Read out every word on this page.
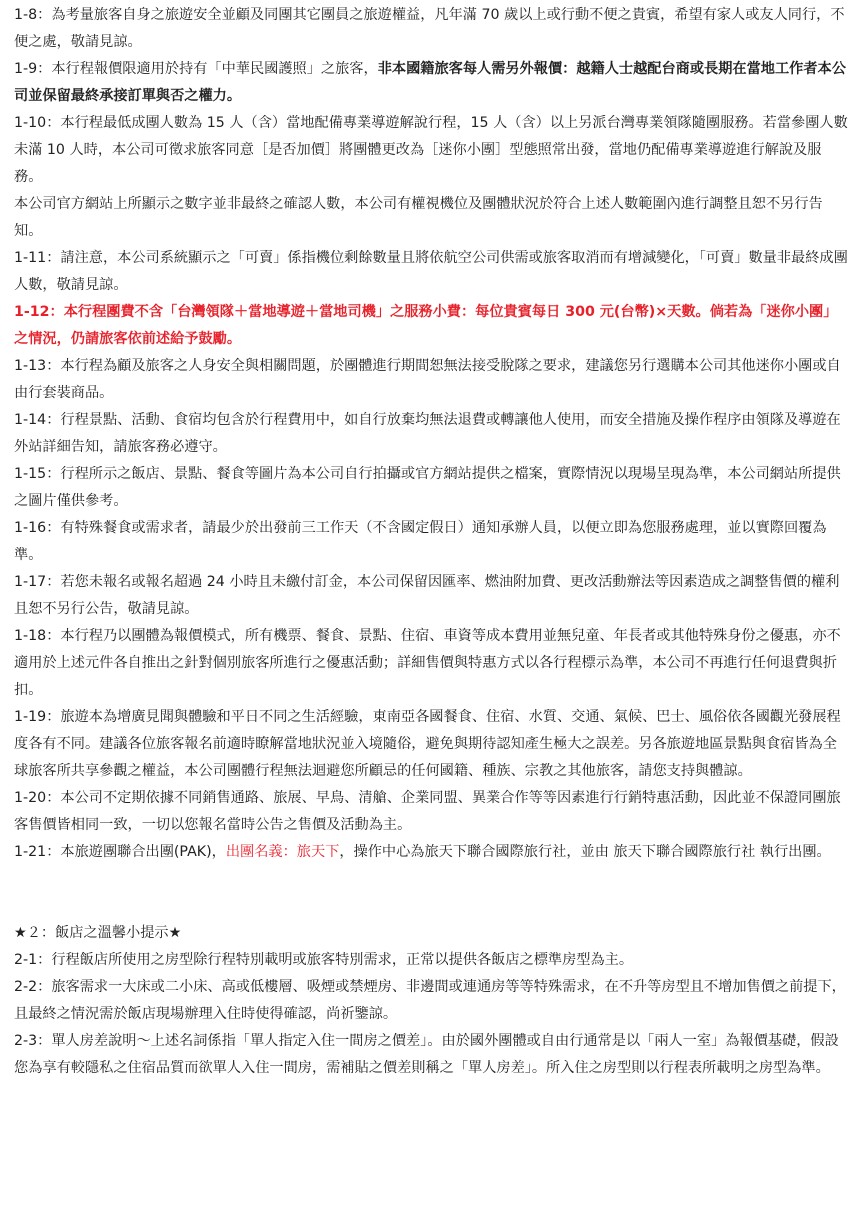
1-8：為考量旅客自身之旅遊安全並顧及同團其它團員之旅遊權益，凡年滿 70 歲以上或行動不便之貴賓，希望有家人或友人同行，不便之處，敬請見諒。

1-9：本行程報價限適用於持有「中華民國護照」之旅客，非本國籍旅客每人需另外報價：越籍人士越配台商或長期在當地工作者本公司並保留最終承接訂單與否之權力。

1-10：本行程最低成團人數為 15 人（含）當地配備專業導遊解說行程，15 人（含）以上另派台灣專業領隊隨團服務。若當參團人數未滿 10 人時，本公司可徵求旅客同意［是否加價］將團體更改為［迷你小團］型態照常出發，當地仍配備專業導遊進行解說及服務。

本公司官方網站上所顯示之數字並非最終之確認人數，本公司有權視機位及團體狀況於符合上述人數範圍內進行調整且恕不另行告知。

1-11：請注意，本公司系統顯示之「可賣」係指機位剩餘數量且將依航空公司供需或旅客取消而有增減變化，「可賣」數量非最終成團人數，敬請見諒。

1-12：本行程團費不含「台灣領隊＋當地導遊＋當地司機」之服務小費：每位貴賓每日 300 元(台幣)×天數。倘若為「迷你小團」之情況，仍請旅客依前述給予鼓勵。

1-13：本行程為顧及旅客之人身安全與相關問題，於團體進行期間恕無法接受脫隊之要求，建議您另行選購本公司其他迷你小團或自由行套裝商品。

1-14：行程景點、活動、食宿均包含於行程費用中，如自行放棄均無法退費或轉讓他人使用，而安全措施及操作程序由領隊及導遊在外站詳細告知，請旅客務必遵守。

1-15：行程所示之飯店、景點、餐食等圖片為本公司自行拍攝或官方網站提供之檔案，實際情況以現場呈現為準，本公司網站所提供之圖片僅供參考。

1-16：有特殊餐食或需求者，請最少於出發前三工作天（不含國定假日）通知承辦人員，以便立即為您服務處理，並以實際回覆為準。

1-17：若您未報名或報名超過 24 小時且未繳付訂金，本公司保留因匯率、燃油附加費、更改活動辦法等因素造成之調整售價的權利且恕不另行公告，敬請見諒。

1-18：本行程乃以團體為報價模式，所有機票、餐食、景點、住宿、車資等成本費用並無兒童、年長者或其他特殊身份之優惠，亦不適用於上述元件各自推出之針對個別旅客所進行之優惠活動；詳細售價與特惠方式以各行程標示為準，本公司不再進行任何退費與折扣。

1-19：旅遊本為增廣見聞與體驗和平日不同之生活經驗，東南亞各國餐食、住宿、水質、交通、氣候、巴士、風俗依各國觀光發展程度各有不同。建議各位旅客報名前適時瞭解當地狀況並入境隨俗，避免與期待認知產生極大之誤差。另各旅遊地區景點與食宿皆為全球旅客所共享參觀之權益，本公司團體行程無法迴避您所顧忌的任何國籍、種族、宗教之其他旅客，請您支持與體諒。

1-20：本公司不定期依據不同銷售通路、旅展、早鳥、清艙、企業同盟、異業合作等等因素進行行銷特惠活動，因此並不保證同團旅客售價皆相同一致，一切以您報名當時公告之售價及活動為主。

1-21：本旅遊團聯合出團(PAK)，出團名義：旅天下，操作中心為旅天下聯合國際旅行社，並由 旅天下聯合國際旅行社 執行出團。

★２：飯店之溫馨小提示★

2-1：行程飯店所使用之房型除行程特別載明或旅客特別需求，正常以提供各飯店之標準房型為主。

2-2：旅客需求一大床或二小床、高或低樓層、吸煙或禁煙房、非邊間或連通房等等特殊需求，在不升等房型且不增加售價之前提下，且最終之情況需於飯店現場辦理入住時使得確認，尚祈鑒諒。

2-3：單人房差說明～上述名詞係指「單人指定入住一間房之價差」。由於國外團體或自由行通常是以「兩人一室」為報價基礎，假設您為享有較隱私之住宿品質而欲單人入住一間房，需補貼之價差則稱之「單人房差」。所入住之房型則以行程表所載明之房型為準。
